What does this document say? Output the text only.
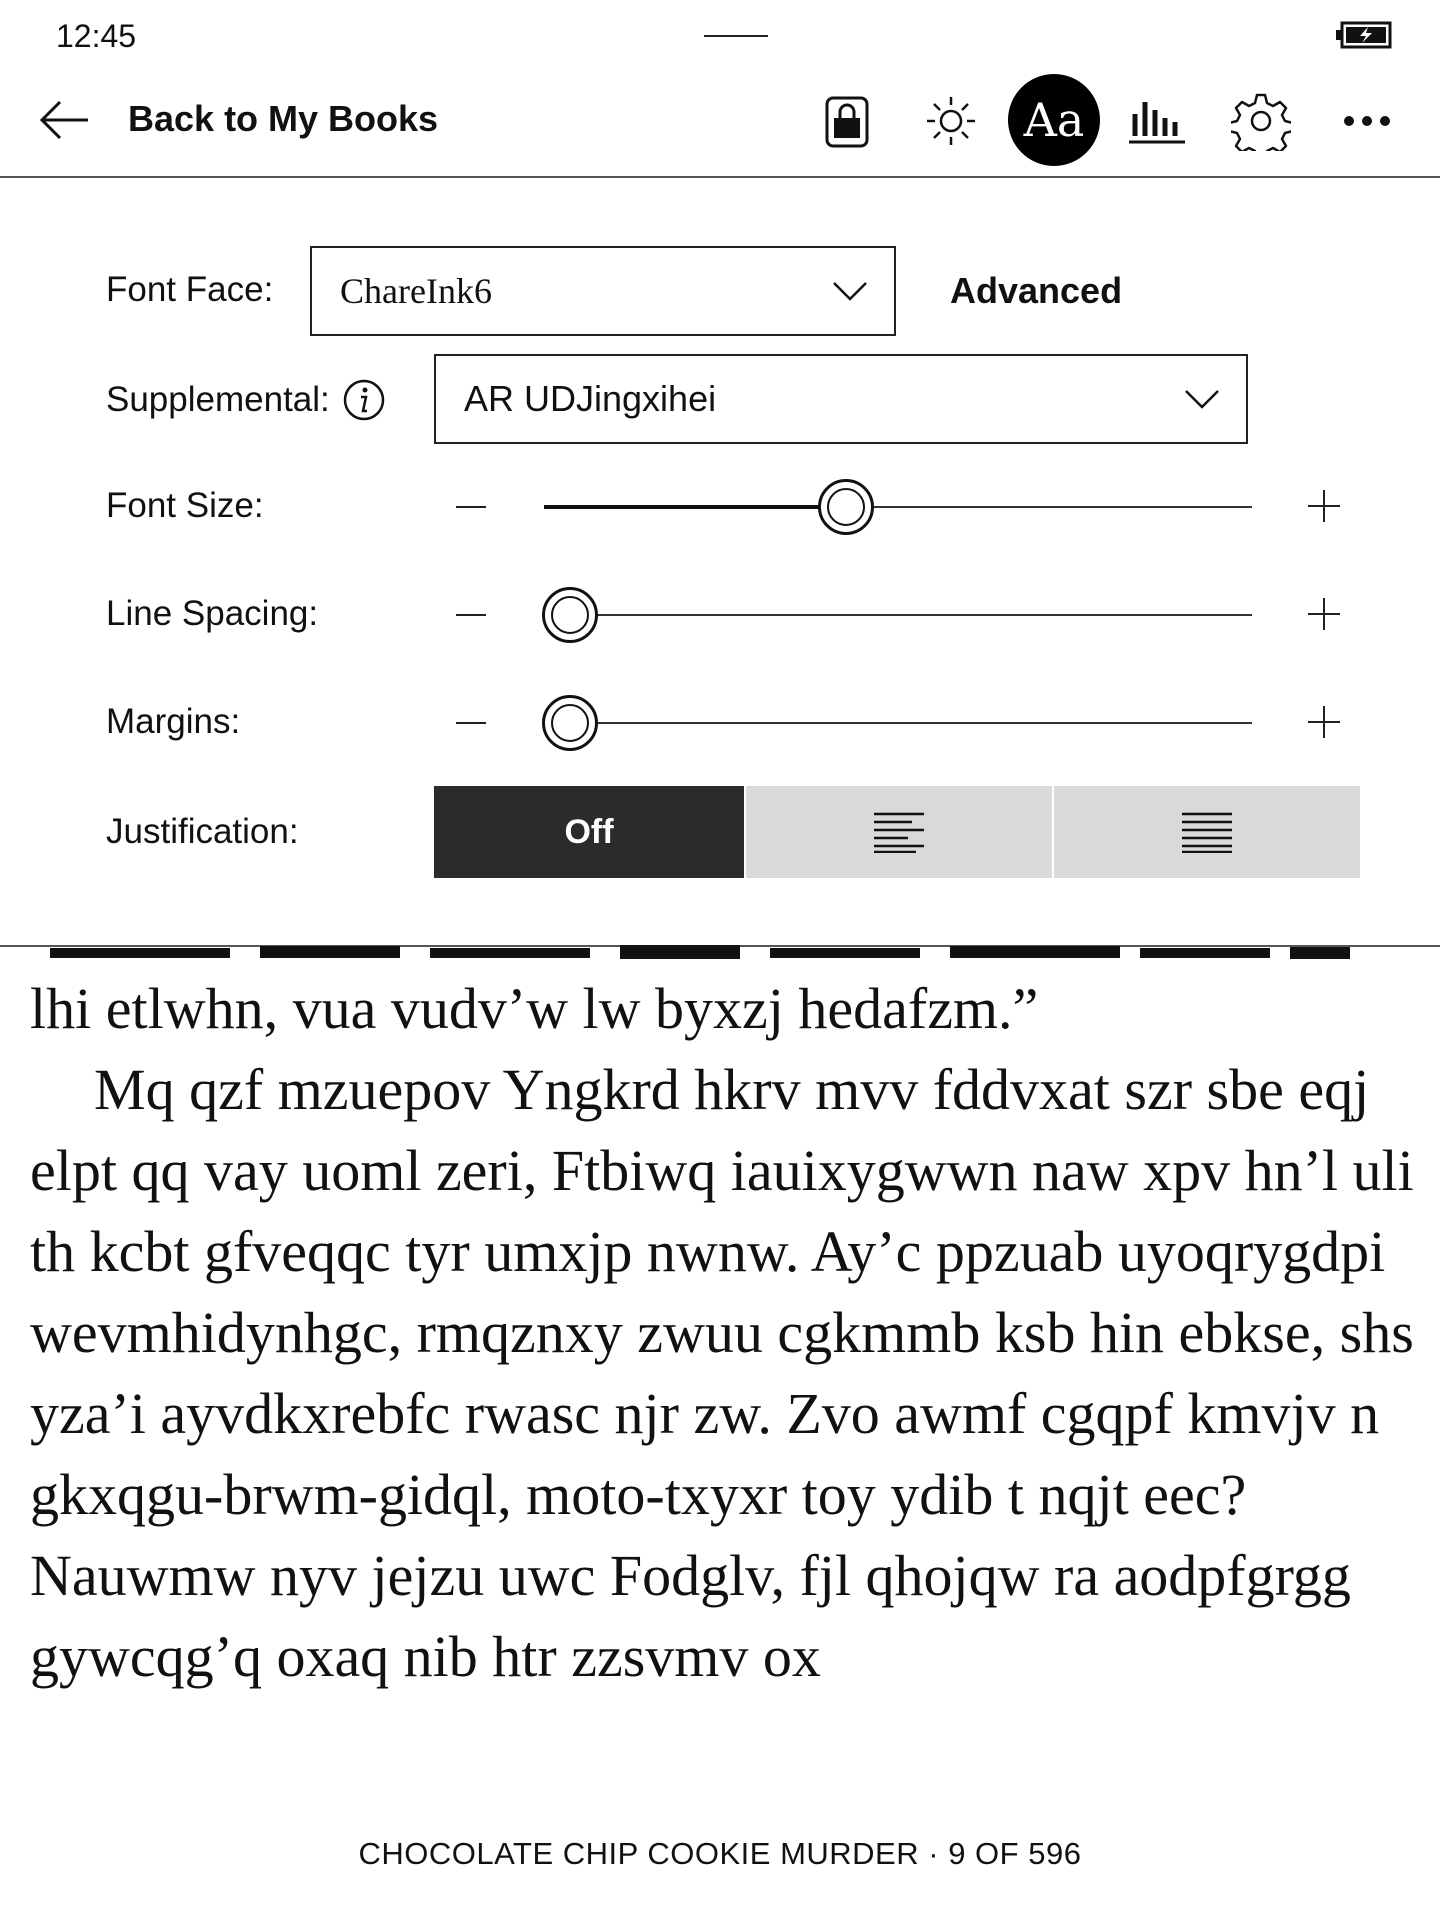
12:45
Back to My Books	Aa
Font Face:	ChareInk6	Advanced
Supplemental:	AR UDJingxihei
Font Size:
Line Spacing:
Margins:
Justification:	Off

lhi etlwhn, vua vudv’w lw byxzj hedafzm.”

Mq qzf mzuepov Yngkrd hkrv mvv fddvxat szr sbe eqj elpt qq vay uoml zeri, Ftbiwq iauixygwwn naw xpv hn’l uli th kcbt gfveqqc tyr umxjp nwnw. Ay’c ppzuab uyoqrygdpi wevmhidynhgc, rmqznxy zwuu cgkmmb ksb hin ebkse, shs yza’i ayvdkxrebfc rwasc njr zw. Zvo awmf cgqpf kmvjv n gkxqgu-brwm-gidql, moto-txyxr toy ydib t nqjt eec? Nauwmw nyv jejzu uwc Fodglv, fjl qhojqw ra aodpfgrgg gywcqg’q oxaq nib htr zzsvmv ox

CHOCOLATE CHIP COOKIE MURDER · 9 OF 596
